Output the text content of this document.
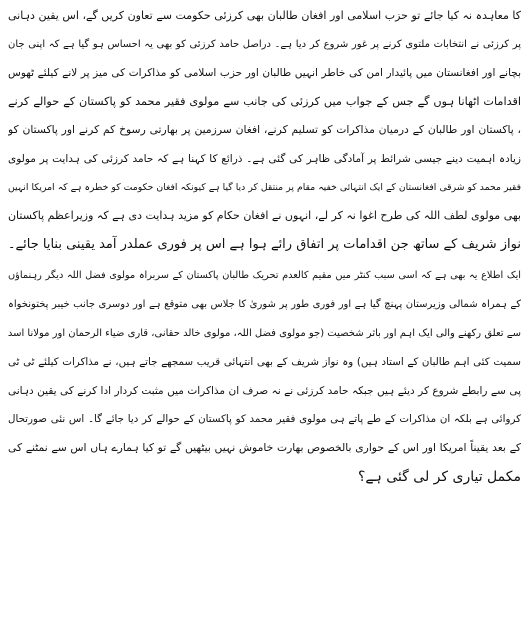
کا معاہدہ نہ کیا جائے تو حزب اسلامی اور افغان طالبان بھی کرزئی حکومت سے تعاون کریں گے، اس یقین دہانی
پر کرزئی نے انتخابات ملتوی کرنے پر غور شروع کر دیا ہے۔ دراصل حامد کرزئی کو بھی یہ احساس ہو گیا ہے کہ اپنی جان
بچانے اور افغانستان میں پائیدار امن کی خاطر انہیں طالبان اور حزب اسلامی کو مذاکرات کی میز پر لانے کیلئے ٹھوس
اقدامات اٹھانا ہوں گے جس کے جواب میں کرزئی کی جانب سے مولوی فقیر محمد کو پاکستان کے حوالے کرنے
، پاکستان اور طالبان کے درمیان مذاکرات کو تسلیم کرنے، افغان سرزمین پر بھارتی رسوخ کم کرنے اور پاکستان کو
زیادہ اہمیت دینے جیسی شرائط پر آمادگی ظاہر کی گئی ہے۔ ذرائع کا کہنا ہے کہ حامد کرزئی کی ہدایت پر مولوی
فقیر محمد کو شرقی افغانستان کے ایک انتہائی خفیہ مقام پر منتقل کر دیا گیا ہے کیونکہ افغان حکومت کو خطرہ ہے کہ امریکا انہیں
بھی مولوی لطف اللہ کی طرح اغوا نہ کر لے، انہوں نے افغان حکام کو مزید ہدایت دی ہے کہ وزیراعظم پاکستان
نواز شریف کے ساتھ جن اقدامات پر اتفاق رائے ہوا ہے اس پر فوری عملدر آمد یقینی بنایا جائے۔
ایک اطلاع یہ بھی ہے کہ اسی سبب کنٹر میں مقیم کالعدم تحریک طالبان پاکستان کے سربراہ مولوی فضل اللہ دیگر رہنماؤں
کے ہمراہ شمالی وزیرستان پہنچ گیا ہے اور فوری طور پر شوریٰ کا جلاس بھی متوقع ہے اور دوسری جانب خیبر پختونخواہ
سے تعلق رکھنے والی ایک اہم اور باثر شخصیت (جو مولوی فضل اللہ، مولوی خالد حقانی، قاری ضیاء الرحمان اور مولانا اسد
سمیت کئی اہم طالبان کے استاد ہیں) وہ نواز شریف کے بھی انتہائی قریب سمجھے جاتے ہیں، نے مذاکرات کیلئے ٹی ٹی
پی سے رابطے شروع کر دیئے ہیں جبکہ حامد کرزئی نے نہ صرف ان مذاکرات میں مثبت کردار ادا کرنے کی یقین دہانی
کروائی ہے بلکہ ان مذاکرات کے طے پاتے ہی مولوی فقیر محمد کو پاکستان کے حوالے کر دیا جائے گا۔ اس نئی صورتحال
کے بعد یقیناً امریکا اور اس کے حواری بالخصوص بھارت خاموش نہیں بیٹھیں گے تو کیا ہمارے ہاں اس سے نمٹنے کی
مکمل تیاری کر لی گئی ہے؟
